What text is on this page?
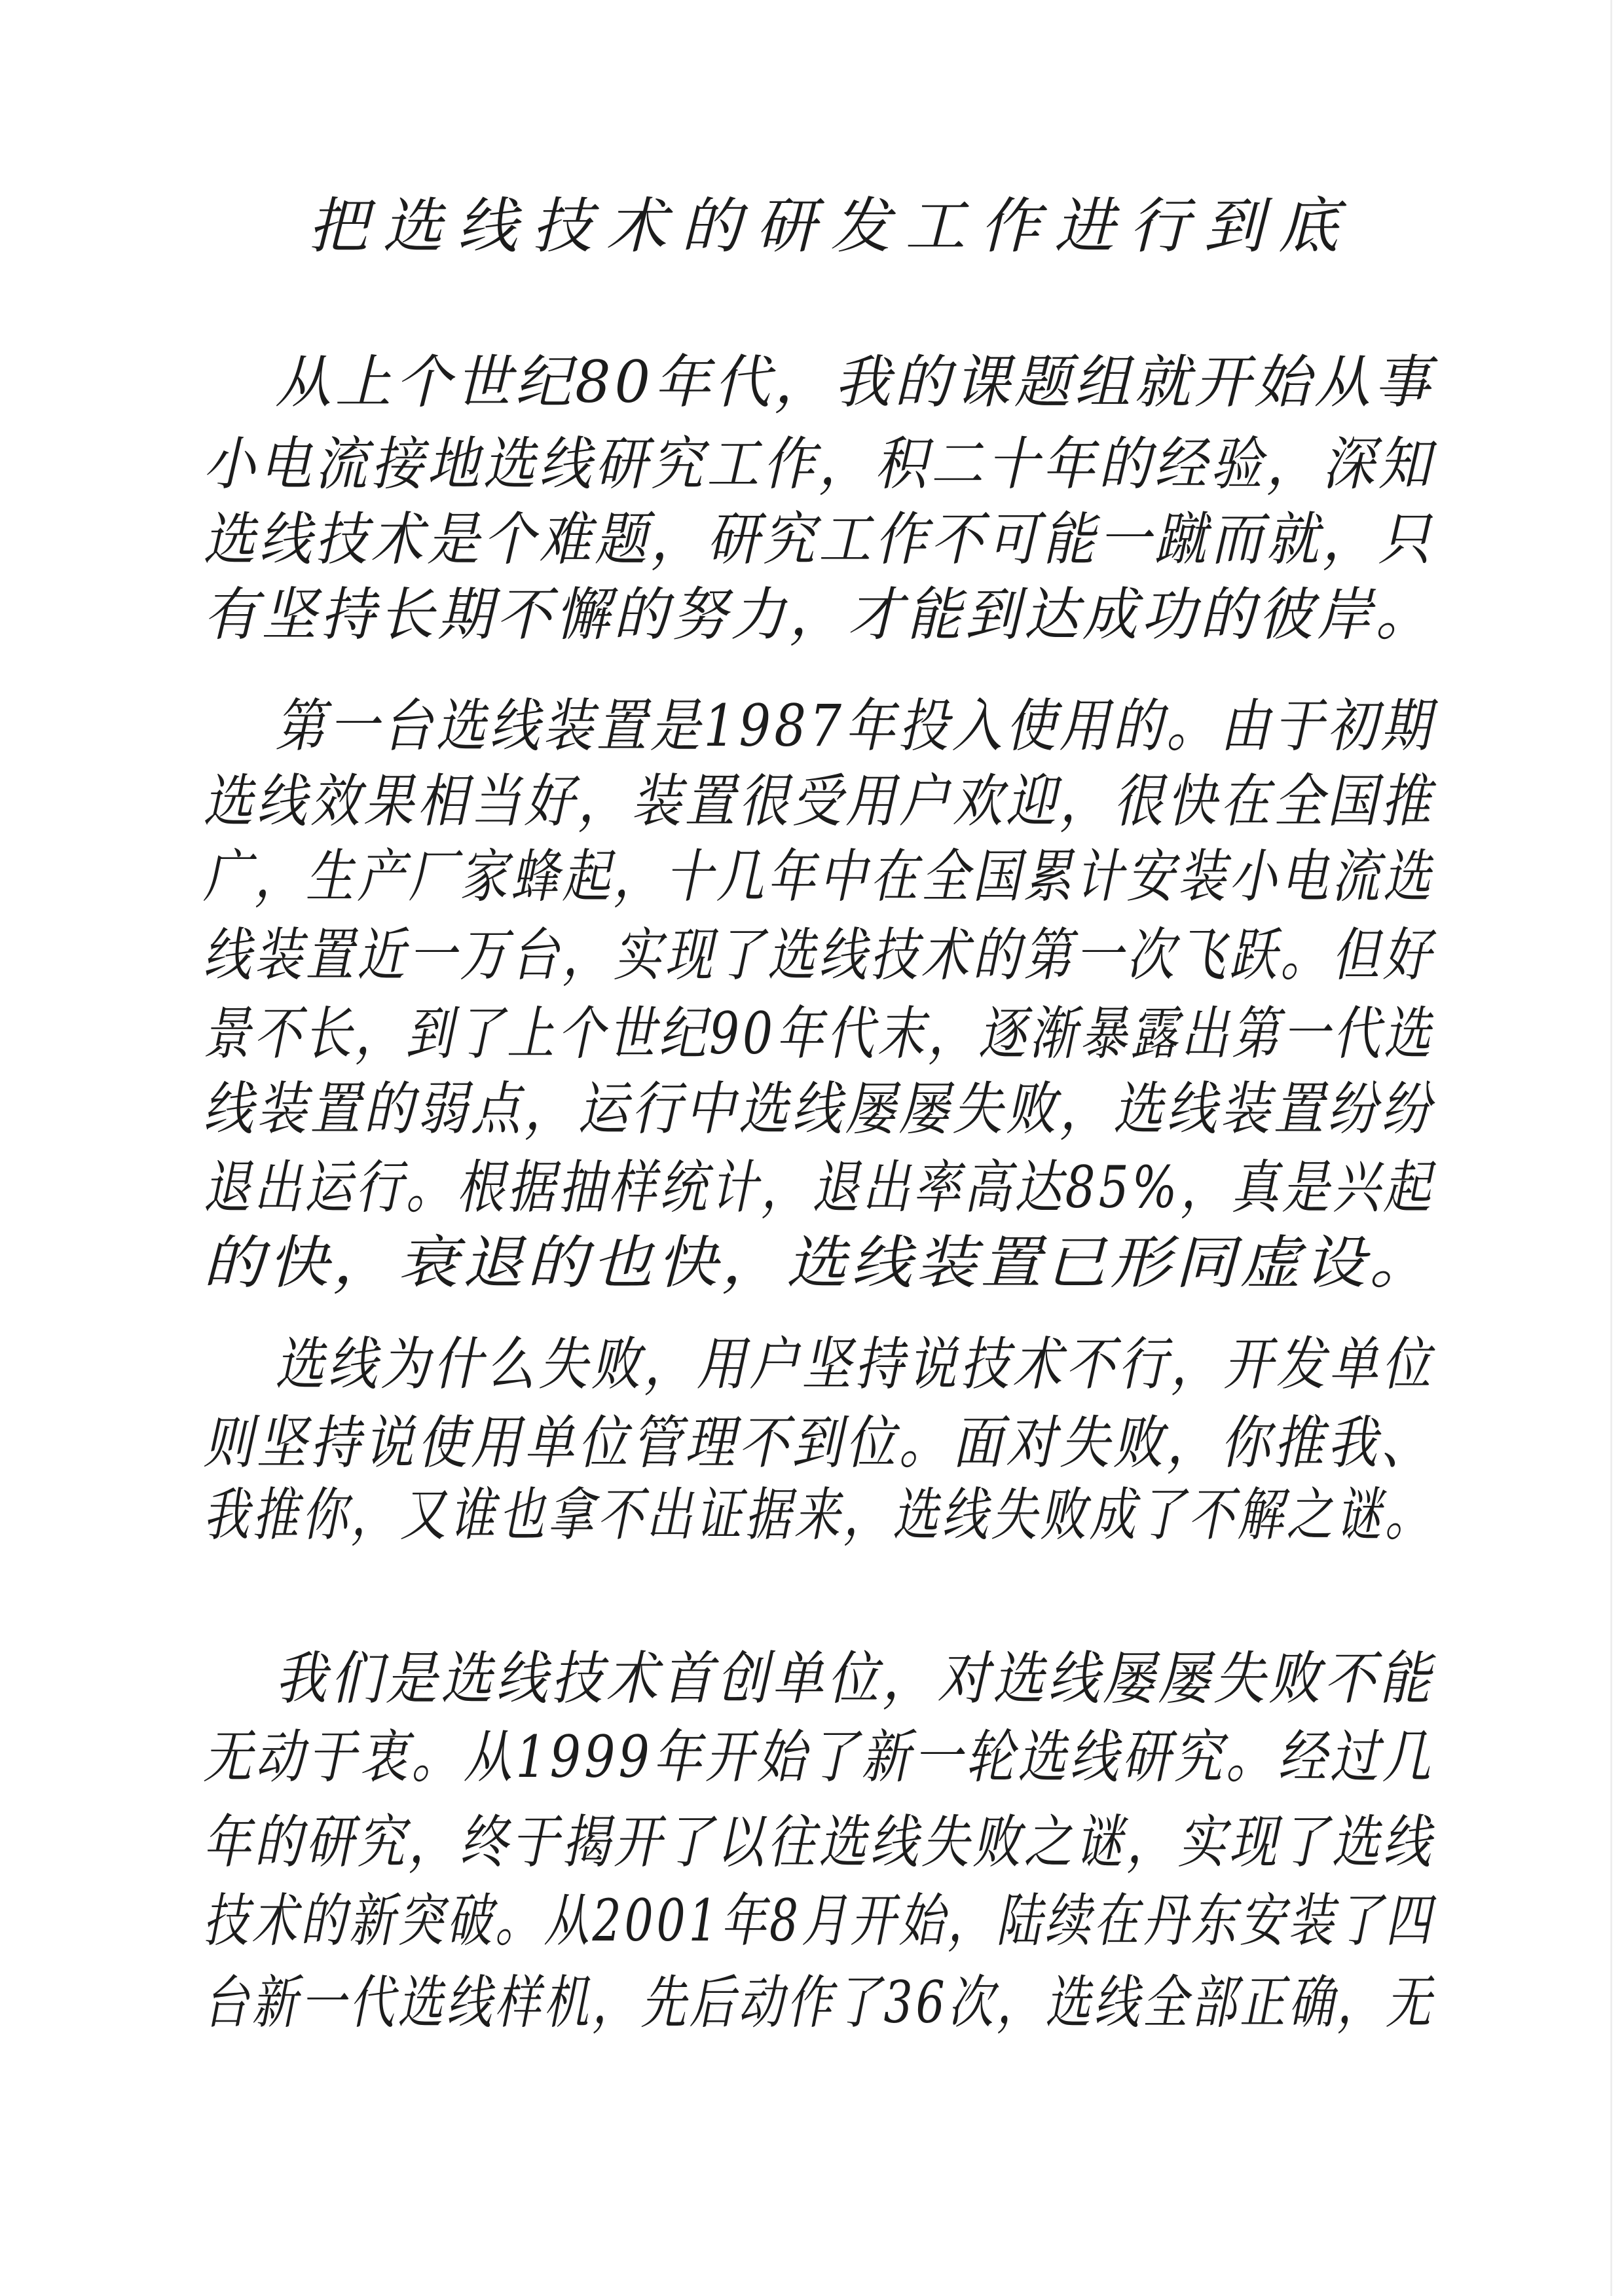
把选线技术的研发工作进行到底
从上个世纪80年代，我的课题组就开始从事
小电流接地选线研究工作，积二十年的经验，深知
选线技术是个难题，研究工作不可能一蹴而就，只
有坚持长期不懈的努力，才能到达成功的彼岸。
第一台选线装置是1987年投入使用的。由于初期
选线效果相当好，装置很受用户欢迎，很快在全国推
广，生产厂家蜂起，十几年中在全国累计安装小电流选
线装置近一万台，实现了选线技术的第一次飞跃。但好
景不长，到了上个世纪90年代末，逐渐暴露出第一代选
线装置的弱点，运行中选线屡屡失败，选线装置纷纷
退出运行。根据抽样统计，退出率高达85%，真是兴起
的快，衰退的也快，选线装置已形同虚设。
选线为什么失败，用户坚持说技术不行，开发单位
则坚持说使用单位管理不到位。面对失败，你推我、
我推你，又谁也拿不出证据来，选线失败成了不解之谜。
我们是选线技术首创单位，对选线屡屡失败不能
无动于衷。从1999年开始了新一轮选线研究。经过几
年的研究，终于揭开了以往选线失败之谜，实现了选线
技术的新突破。从2001年8月开始，陆续在丹东安装了四
台新一代选线样机，先后动作了36次，选线全部正确，无
